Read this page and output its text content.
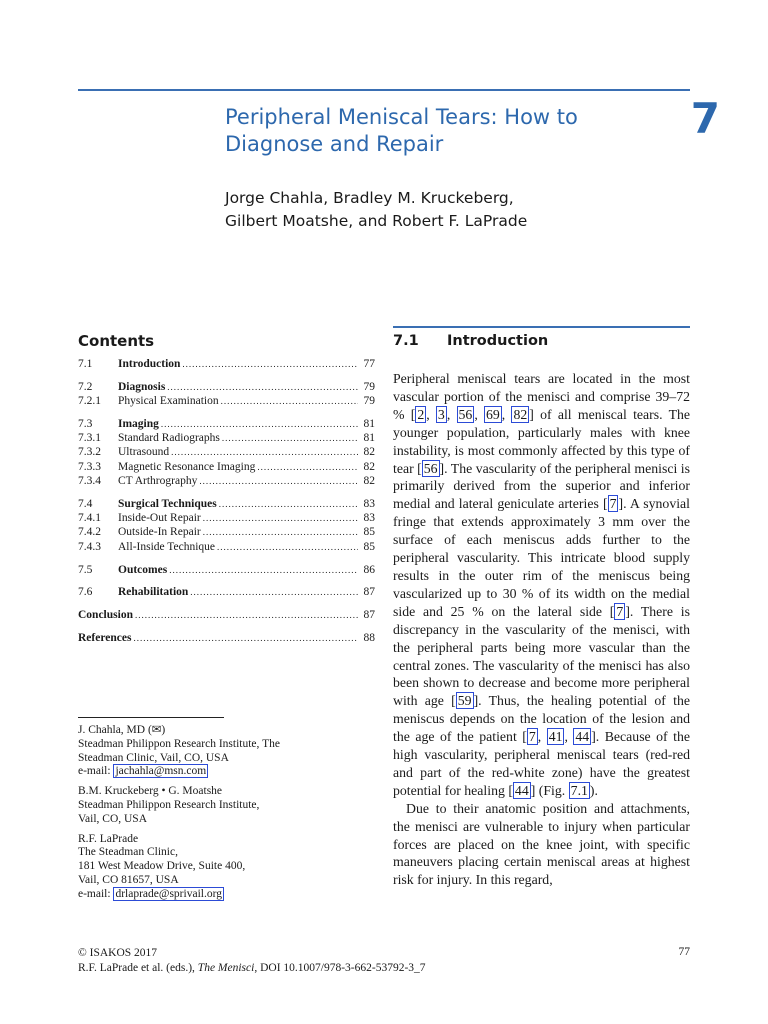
Peripheral Meniscal Tears: How to Diagnose and Repair
7
Jorge Chahla, Bradley M. Kruckeberg,
Gilbert Moatshe, and Robert F. LaPrade
Contents
7.1	Introduction .....	77
7.2	Diagnosis .....	79
7.2.1	Physical Examination .....	79
7.3	Imaging .....	81
7.3.1	Standard Radiographs .....	81
7.3.2	Ultrasound .....	82
7.3.3	Magnetic Resonance Imaging .....	82
7.3.4	CT Arthrography .....	82
7.4	Surgical Techniques .....	83
7.4.1	Inside-Out Repair .....	83
7.4.2	Outside-In Repair .....	85
7.4.3	All-Inside Technique .....	85
7.5	Outcomes .....	86
7.6	Rehabilitation .....	87
Conclusion .....	87
References .....	88
7.1 Introduction

Peripheral meniscal tears are located in the most vascular portion of the menisci and comprise 39–72 % [ 2 , 3 , 56 , 69 , 82 ] of all meniscal tears. The younger population, particularly males with knee instability, is most commonly affected by this type of tear [ 56 ]. The vascularity of the peripheral menisci is primarily derived from the superior and inferior medial and lateral geniculate arteries [ 7 ]. A synovial fringe that extends approximately 3 mm over the surface of each meniscus adds further to the peripheral vascularity. This intricate blood supply results in the outer rim of the meniscus being vascularized up to 30 % of its width on the medial side and 25 % on the lateral side [ 7 ]. There is discrepancy in the vascularity of the menisci, with the peripheral parts being more vascular than the central zones. The vascularity of the menisci has also been shown to decrease and become more peripheral with age [ 59 ]. Thus, the healing potential of the meniscus depends on the location of the lesion and the age of the patient [ 7 , 41 , 44 ]. Because of the high vascularity, peripheral meniscal tears (red-red and part of the red-white zone) have the greatest potential for healing [ 44 ] (Fig. 7.1 ).

Due to their anatomic position and attachments, the menisci are vulnerable to injury when particular forces are placed on the knee joint, with specific maneuvers placing certain meniscal areas at highest risk for injury. In this regard,

J. Chahla, MD (✉)
Steadman Philippon Research Institute, The
Steadman Clinic, Vail, CO, USA
e-mail: jachahla@msn.com
B.M. Kruckeberg • G. Moatshe
Steadman Philippon Research Institute,
Vail, CO, USA
R.F. LaPrade
The Steadman Clinic,
181 West Meadow Drive, Suite 400,
Vail, CO 81657, USA
e-mail: drlaprade@sprivail.org
© ISAKOS 2017
R.F. LaPrade et al. (eds.), The Menisci, DOI 10.1007/978-3-662-53792-3_7
77
